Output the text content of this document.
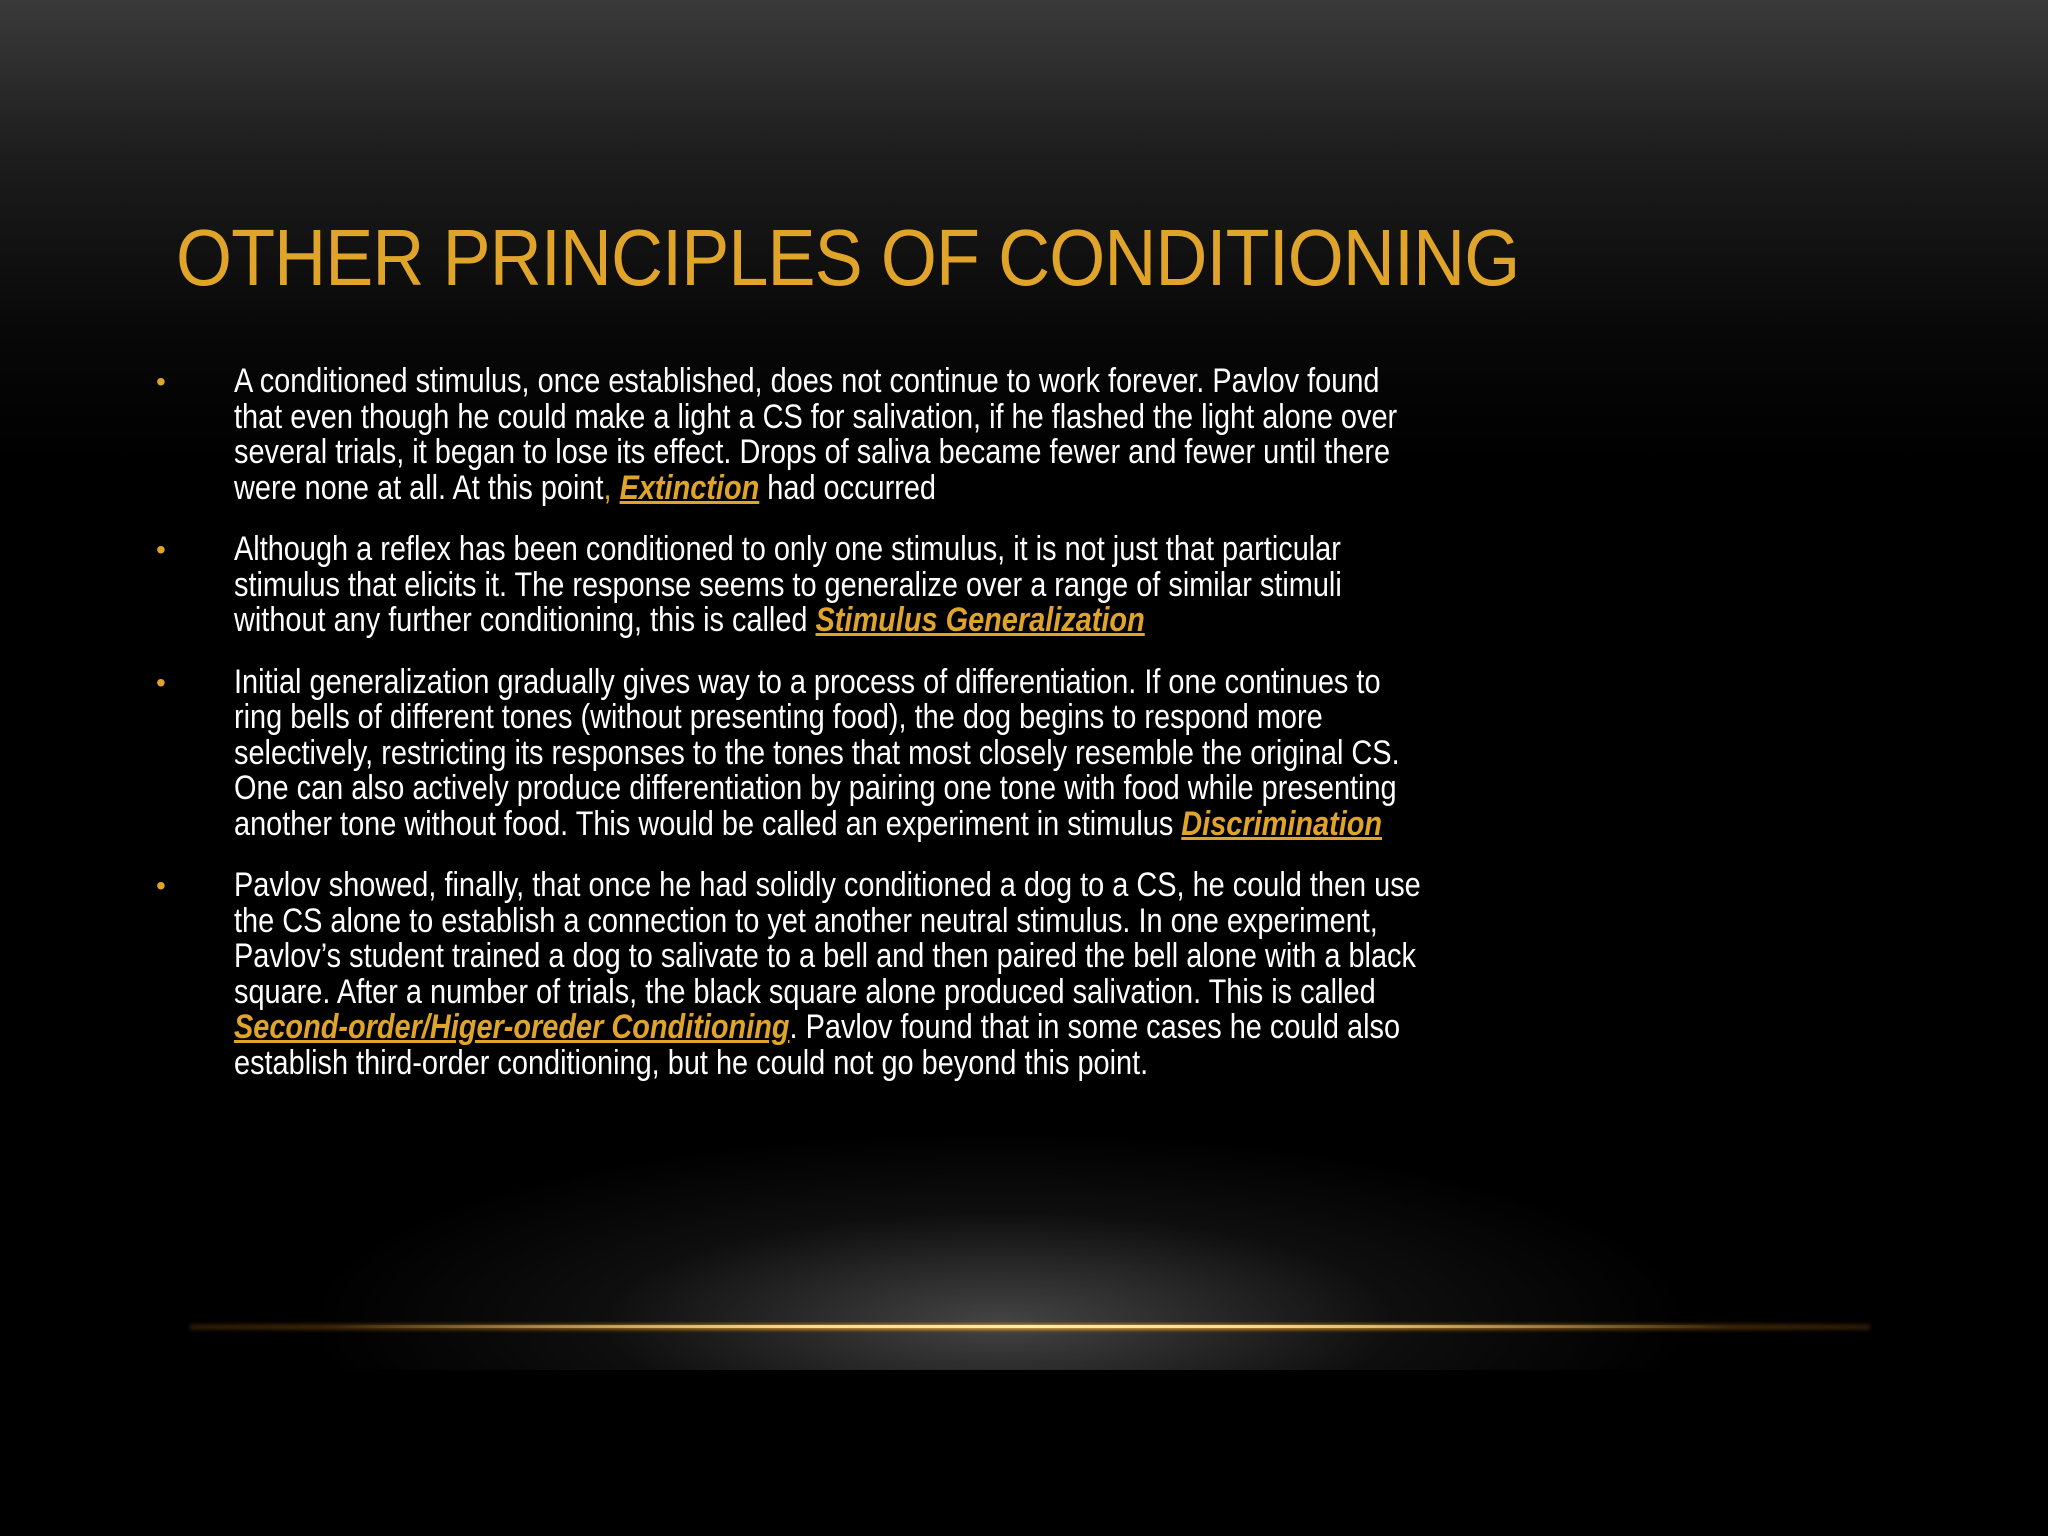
OTHER PRINCIPLES OF CONDITIONING
• A conditioned stimulus, once established, does not continue to work forever. Pavlov found that even though he could make a light a CS for salivation, if he flashed the light alone over several trials, it began to lose its effect. Drops of saliva became fewer and fewer until there were none at all. At this point, Extinction had occurred
• Although a reflex has been conditioned to only one stimulus, it is not just that particular stimulus that elicits it. The response seems to generalize over a range of similar stimuli without any further conditioning, this is called Stimulus Generalization
• Initial generalization gradually gives way to a process of differentiation. If one continues to ring bells of different tones (without presenting food), the dog begins to respond more selectively, restricting its responses to the tones that most closely resemble the original CS. One can also actively produce differentiation by pairing one tone with food while presenting another tone without food. This would be called an experiment in stimulus Discrimination
• Pavlov showed, finally, that once he had solidly conditioned a dog to a CS, he could then use the CS alone to establish a connection to yet another neutral stimulus. In one experiment, Pavlov’s student trained a dog to salivate to a bell and then paired the bell alone with a black square. After a number of trials, the black square alone produced salivation. This is called Second-order/Higer-oreder Conditioning. Pavlov found that in some cases he could also establish third-order conditioning, but he could not go beyond this point.
